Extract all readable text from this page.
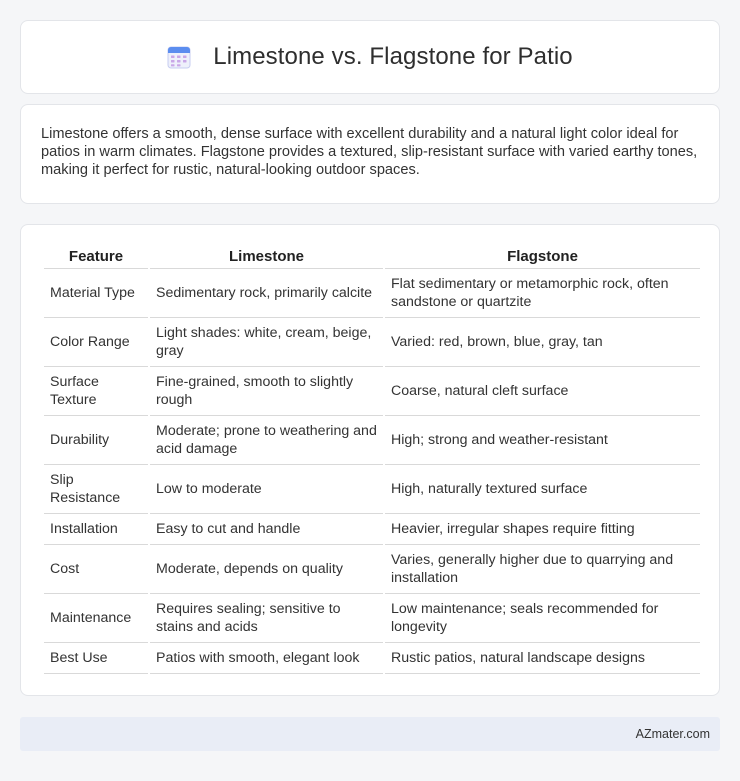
Limestone vs. Flagstone for Patio

Limestone offers a smooth, dense surface with excellent durability and a natural light color ideal for patios in warm climates. Flagstone provides a textured, slip-resistant surface with varied earthy tones, making it perfect for rustic, natural-looking outdoor spaces.

Feature	Limestone	Flagstone
Material Type	Sedimentary rock, primarily calcite	Flat sedimentary or metamorphic rock, often sandstone or quartzite
Color Range	Light shades: white, cream, beige, gray	Varied: red, brown, blue, gray, tan
Surface Texture	Fine-grained, smooth to slightly rough	Coarse, natural cleft surface
Durability	Moderate; prone to weathering and acid damage	High; strong and weather-resistant
Slip Resistance	Low to moderate	High, naturally textured surface
Installation	Easy to cut and handle	Heavier, irregular shapes require fitting
Cost	Moderate, depends on quality	Varies, generally higher due to quarrying and installation
Maintenance	Requires sealing; sensitive to stains and acids	Low maintenance; seals recommended for longevity
Best Use	Patios with smooth, elegant look	Rustic patios, natural landscape designs
AZmater.com
